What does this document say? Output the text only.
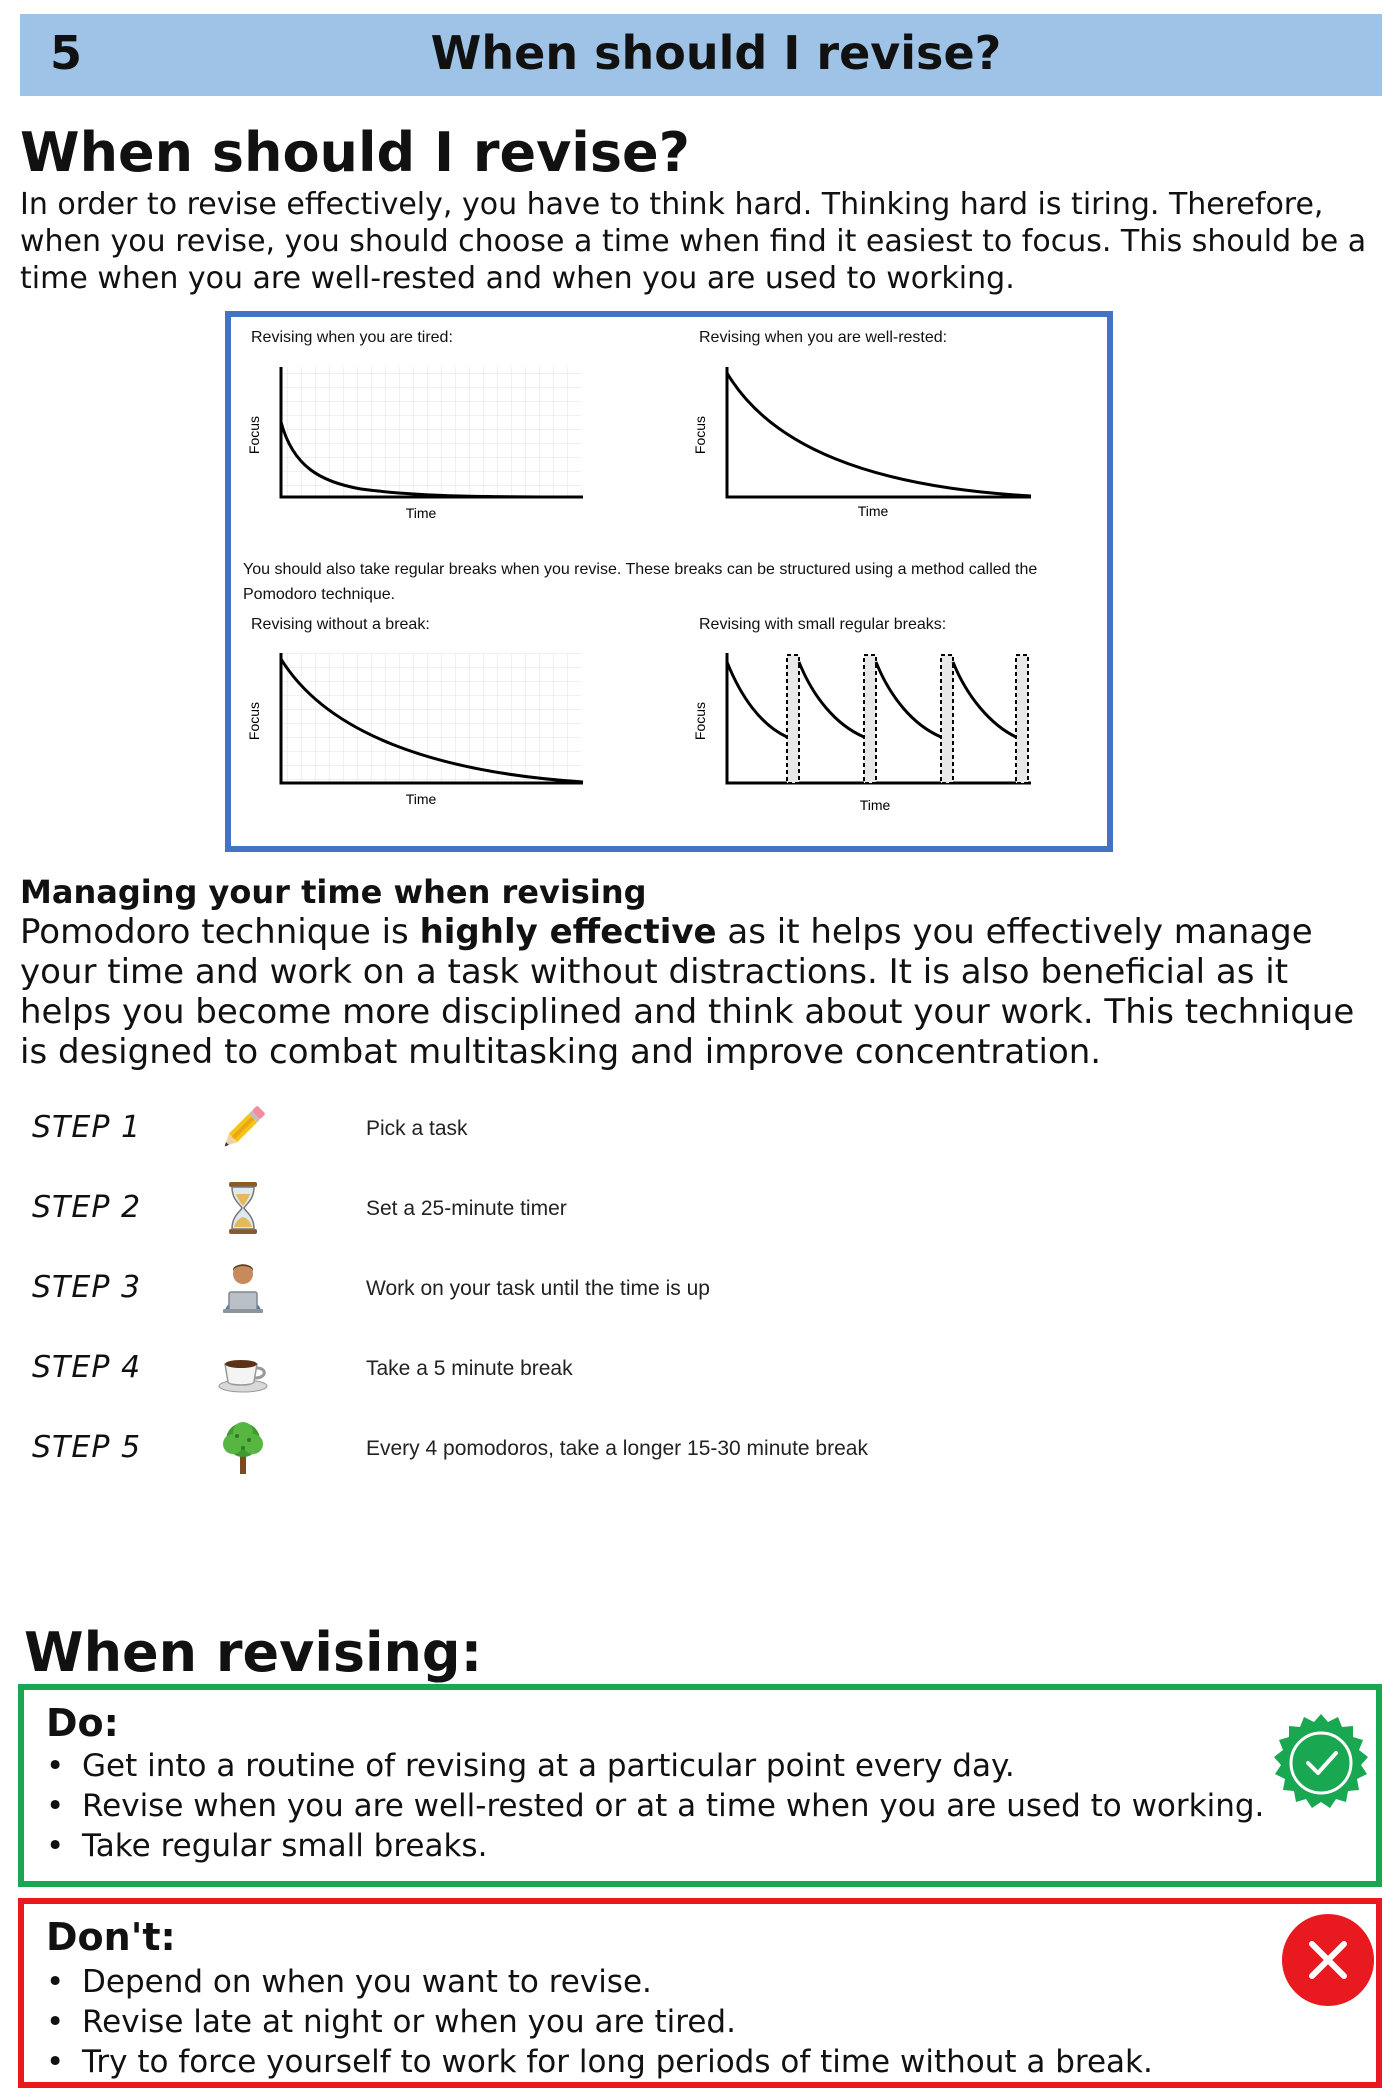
5	When should I revise?
When should I revise?
In order to revise effectively, you have to think hard. Thinking hard is tiring. Therefore, when you revise, you should choose a time when find it easiest to focus. This should be a time when you are well-rested and when you are used to working.
Focus
Time
Focus
Time
Focus
Time
Focus
Time
Revising when you are tired:	Revising when you are well-rested:
You should also take regular breaks when you revise. These breaks can be structured using a method called the Pomodoro technique.
Revising without a break:	Revising with small regular breaks:
Managing your time when revising
Pomodoro technique is highly effective as it helps you effectively manage your time and work on a task without distractions. It is also beneficial as it helps you become more disciplined and think about your work. This technique is designed to combat multitasking and improve concentration.
STEP 1	Pick a task
STEP 2	Set a 25-minute timer
STEP 3	Work on your task until the time is up
STEP 4	Take a 5 minute break
STEP 5	Every 4 pomodoros, take a longer 15-30 minute break
When revising:
Do:
• Get into a routine of revising at a particular point every day.
• Revise when you are well-rested or at a time when you are used to working.
• Take regular small breaks.
Don't:
• Depend on when you want to revise.
• Revise late at night or when you are tired.
• Try to force yourself to work for long periods of time without a break.
